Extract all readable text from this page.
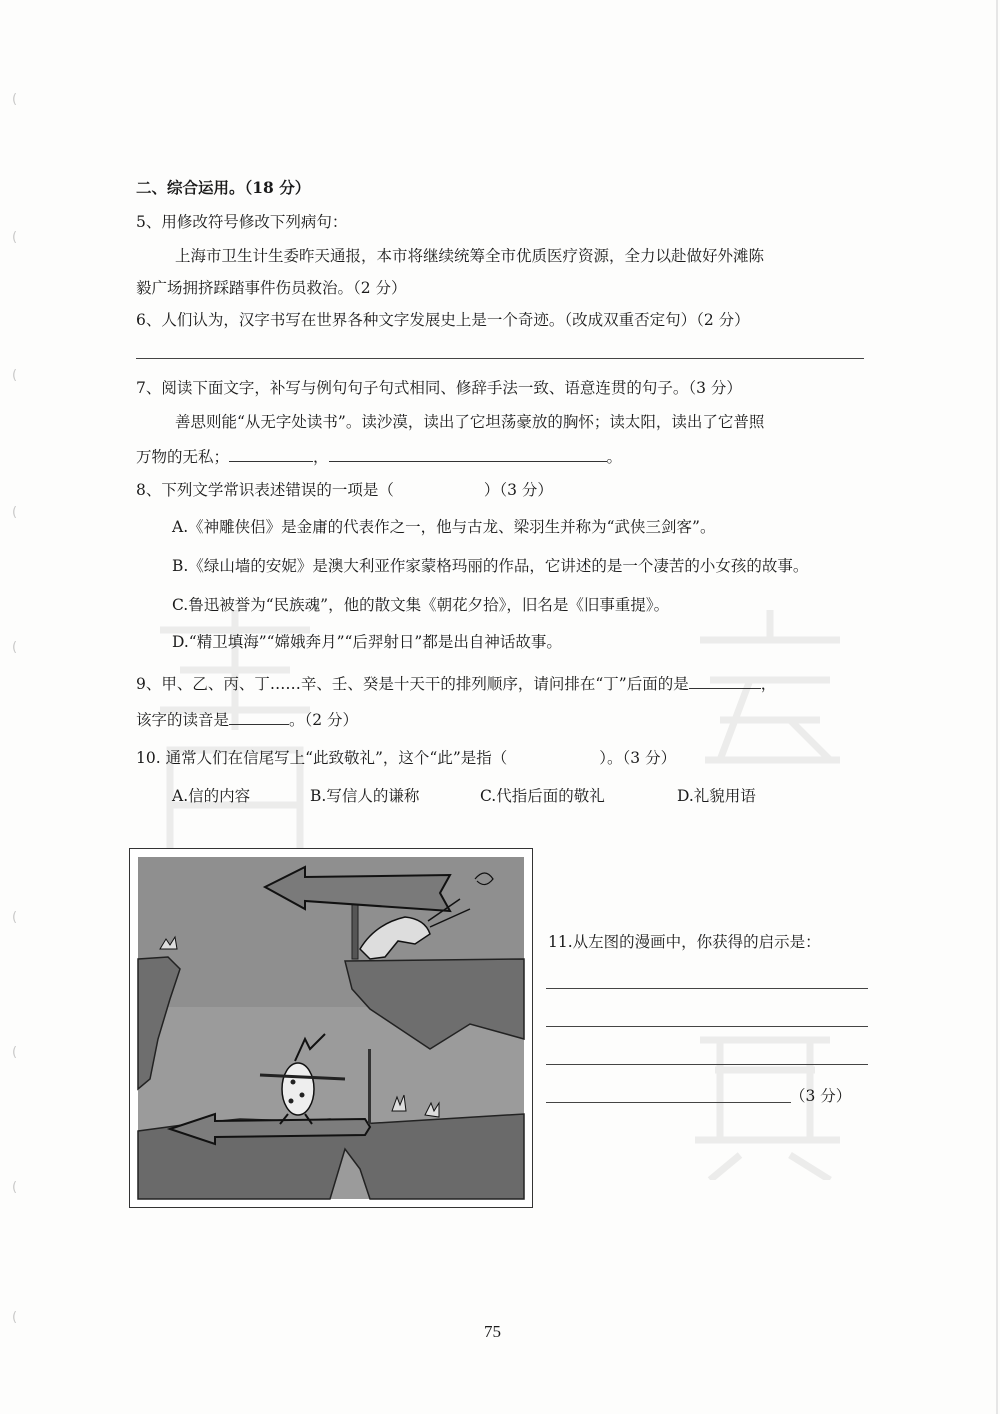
(
(
(
(
(
(
(
(
(
二、综合运用。（18 分）
5、用修改符号修改下列病句：
上海市卫生计生委昨天通报，本市将继续统筹全市优质医疗资源，全力以赴做好外滩陈
毅广场拥挤踩踏事件伤员救治。（2 分）
6、人们认为，汉字书写在世界各种文字发展史上是一个奇迹。（改成双重否定句）（2 分）
7、阅读下面文字，补写与例句句子句式相同、修辞手法一致、语意连贯的句子。（3 分）
善思则能“从无字处读书”。读沙漠，读出了它坦荡豪放的胸怀；读太阳，读出了它普照
万物的无私；	，	。
8、下列文学常识表述错误的一项是（	）（3 分）
A.《神雕侠侣》是金庸的代表作之一，他与古龙、梁羽生并称为“武侠三剑客”。
B.《绿山墙的安妮》是澳大利亚作家蒙格玛丽的作品，它讲述的是一个凄苦的小女孩的故事。
C.鲁迅被誉为“民族魂”，他的散文集《朝花夕拾》，旧名是《旧事重提》。
D.“精卫填海”“嫦娥奔月”“后羿射日”都是出自神话故事。
9、甲、乙、丙、丁……辛、壬、癸是十天干的排列顺序，请问排在“丁”后面的是	，
该字的读音是	。（2 分）
10. 通常人们在信尾写上“此致敬礼”，这个“此”是指（	）。（3 分）
A.信的内容	B.写信人的谦称	C.代指后面的敬礼	D.礼貌用语
11.从左图的漫画中，你获得的启示是：
（3 分）
75
